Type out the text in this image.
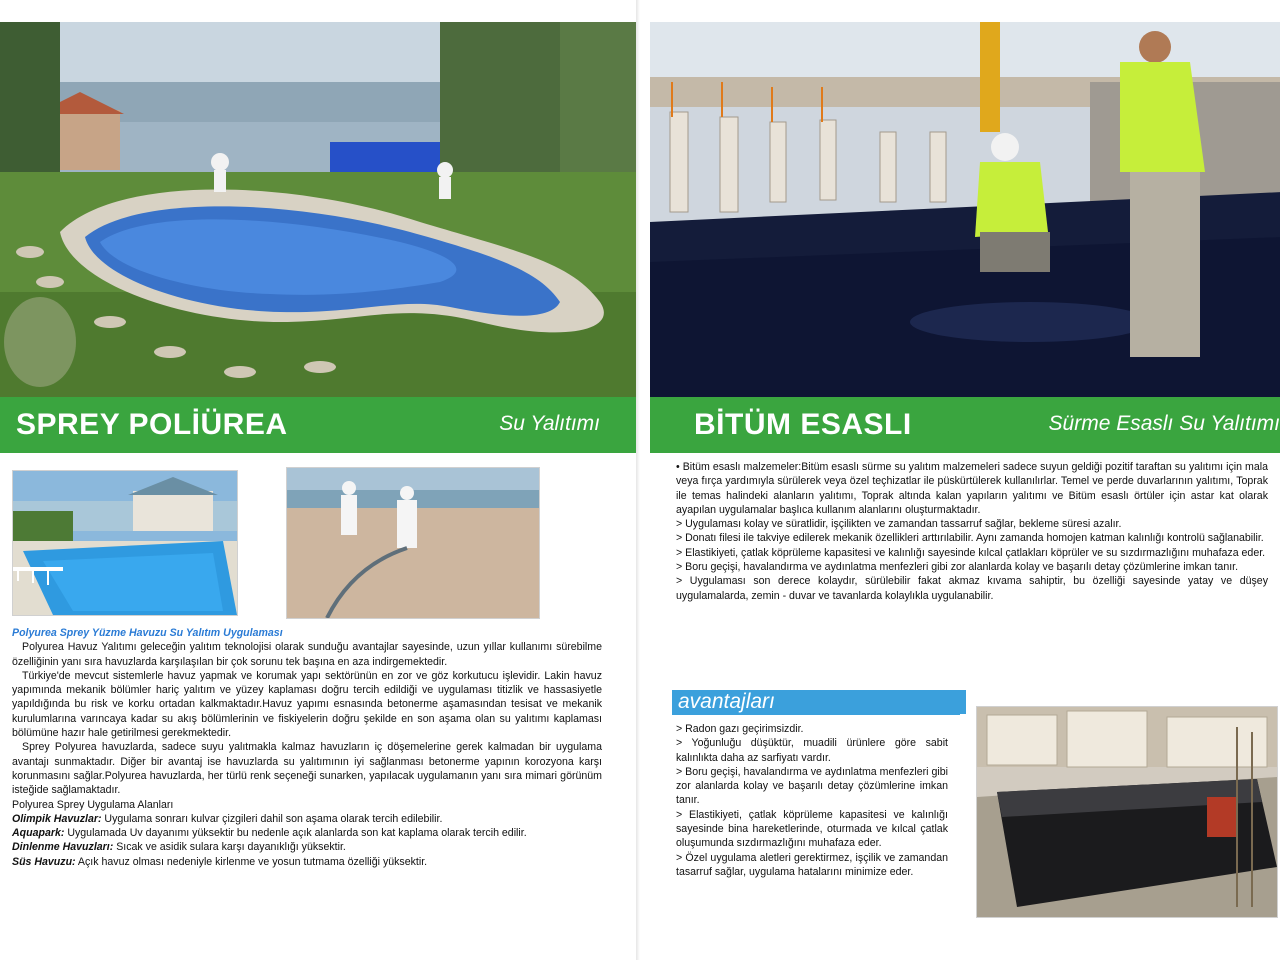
SPREY POLİÜREA	Su Yalıtımı

Polyurea Sprey Yüzme Havuzu Su Yalıtım Uygulaması

Polyurea Havuz Yalıtımı geleceğin yalıtım teknolojisi olarak sunduğu avantajlar sayesinde, uzun yıllar kullanımı sürebilme özelliğinin yanı sıra havuzlarda karşılaşılan bir çok sorunu tek başına en aza indirgemektedir.

Türkiye'de mevcut sistemlerle havuz yapmak ve korumak yapı sektörünün en zor ve göz korkutucu işlevidir. Lakin havuz yapımında mekanik bölümler hariç yalıtım ve yüzey kaplaması doğru tercih edildiği ve uygulaması titizlik ve hassasiyetle yapıldığında bu risk ve korku ortadan kalkmaktadır.Havuz yapımı esnasında betonerme aşamasından tesisat ve mekanik kurulumlarına varıncaya kadar su akış bölümlerinin ve fiskiyelerin doğru şekilde en son aşama olan su yalıtımı kaplaması bölümüne hazır hale getirilmesi gerekmektedir.

Sprey Polyurea havuzlarda, sadece suyu yalıtmakla kalmaz havuzların iç döşemelerine gerek kalmadan bir uygulama avantajı sunmaktadır. Diğer bir avantaj ise havuzlarda su yalıtımının iyi sağlanması betonerme yapının korozyona karşı korunmasını sağlar.Polyurea havuzlarda, her türlü renk seçeneği sunarken, yapılacak uygulamanın yanı sıra mimari görünüm isteğide sağlamaktadır.

Polyurea Sprey Uygulama Alanları

Olimpik Havuzlar: Uygulama sonrarı kulvar çizgileri dahil son aşama olarak tercih edilebilir.

Aquapark: Uygulamada Uv dayanımı yüksektir bu nedenle açık alanlarda son kat kaplama olarak tercih edilir.

Dinlenme Havuzları: Sıcak ve asidik sulara karşı dayanıklığı yüksektir.

Süs Havuzu: Açık havuz olması nedeniyle kirlenme ve yosun tutmama özelliği yüksektir.

BİTÜM ESASLI	Sürme Esaslı Su Yalıtımı

• Bitüm esaslı malzemeler:Bitüm esaslı sürme su yalıtım malzemeleri sadece suyun geldiği pozitif taraftan su yalıtımı için mala veya fırça yardımıyla sürülerek veya özel teçhizatlar ile püskürtülerek kullanılırlar. Temel ve perde duvarlarının yalıtımı, Toprak ile temas halindeki alanların yalıtımı, Toprak altında kalan yapıların yalıtımı ve Bitüm esaslı örtüler için astar kat olarak ayapılan uygulamalar başlıca kullanım alanlarını oluşturmaktadır.

> Uygulaması kolay ve süratlidir, işçilikten ve zamandan tassarruf sağlar, bekleme süresi azalır.

> Donatı filesi ile takviye edilerek mekanik özellikleri arttırılabilir. Aynı zamanda homojen katman kalınlığı kontrolü sağlanabilir.

> Elastikiyeti, çatlak köprüleme kapasitesi ve kalınlığı sayesinde kılcal çatlakları köprüler ve su sızdırmazlığını muhafaza eder.

> Boru geçişi, havalandırma ve aydınlatma menfezleri gibi zor alanlarda kolay ve başarılı detay çözümlerine imkan tanır.

> Uygulaması son derece kolaydır, sürülebilir fakat akmaz kıvama sahiptir, bu özelliği sayesinde yatay ve düşey uygulamalarda, zemin - duvar ve tavanlarda kolaylıkla uygulanabilir.

avantajları

> Radon gazı geçirimsizdir.

> Yoğunluğu düşüktür, muadili ürünlere göre sabit kalınlıkta daha az sarfiyatı vardır.

> Boru geçişi, havalandırma ve aydınlatma menfezleri gibi zor alanlarda kolay ve başarılı detay çözümlerine imkan tanır.

> Elastikiyeti, çatlak köprüleme kapasitesi ve kalınlığı sayesinde bina hareketlerinde, oturmada ve kılcal çatlak oluşumunda sızdırmazlığını muhafaza eder.

> Özel uygulama aletleri gerektirmez, işçilik ve zamandan tasarruf sağlar, uygulama hatalarını minimize eder.
